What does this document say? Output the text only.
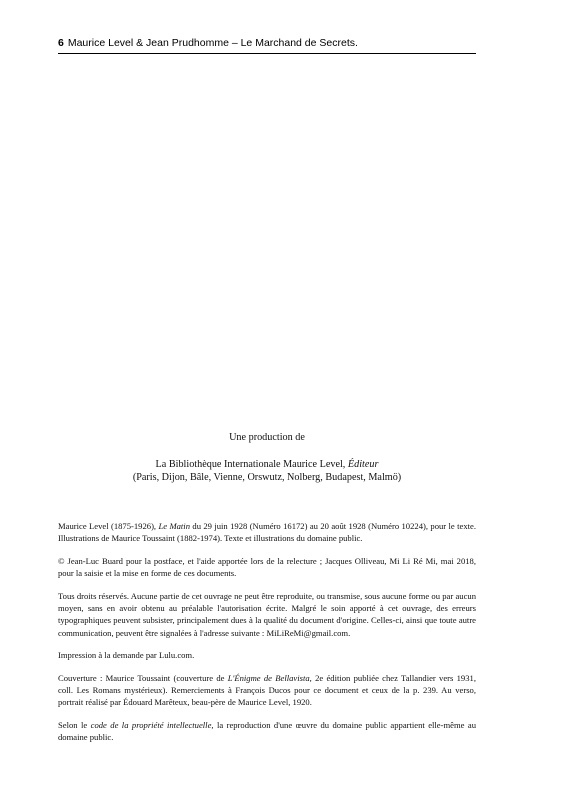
6 Maurice Level & Jean Prudhomme – Le Marchand de Secrets.
Une production de
La Bibliothèque Internationale Maurice Level, Éditeur
(Paris, Dijon, Bâle, Vienne, Orswutz, Nolberg, Budapest, Malmö)

Maurice Level (1875-1926), Le Matin du 29 juin 1928 (Numéro 16172) au 20 août 1928 (Numéro 10224), pour le texte. Illustrations de Maurice Toussaint (1882-1974). Texte et illustrations du domaine public.

© Jean-Luc Buard pour la postface, et l'aide apportée lors de la relecture ; Jacques Olliveau, Mi Li Ré Mi, mai 2018, pour la saisie et la mise en forme de ces documents.

Tous droits réservés. Aucune partie de cet ouvrage ne peut être reproduite, ou transmise, sous aucune forme ou par aucun moyen, sans en avoir obtenu au préalable l'autorisation écrite. Malgré le soin apporté à cet ouvrage, des erreurs typographiques peuvent subsister, principalement dues à la qualité du document d'origine. Celles-ci, ainsi que toute autre communication, peuvent être signalées à l'adresse suivante : MiLiReMi@gmail.com.

Impression à la demande par Lulu.com.

Couverture : Maurice Toussaint (couverture de L'Énigme de Bellavista, 2e édition publiée chez Tallandier vers 1931, coll. Les Romans mystérieux). Remerciements à François Ducos pour ce document et ceux de la p. 239. Au verso, portrait réalisé par Édouard Marêteux, beau-père de Maurice Level, 1920.

Selon le code de la propriété intellectuelle, la reproduction d'une œuvre du domaine public appartient elle-même au domaine public.
